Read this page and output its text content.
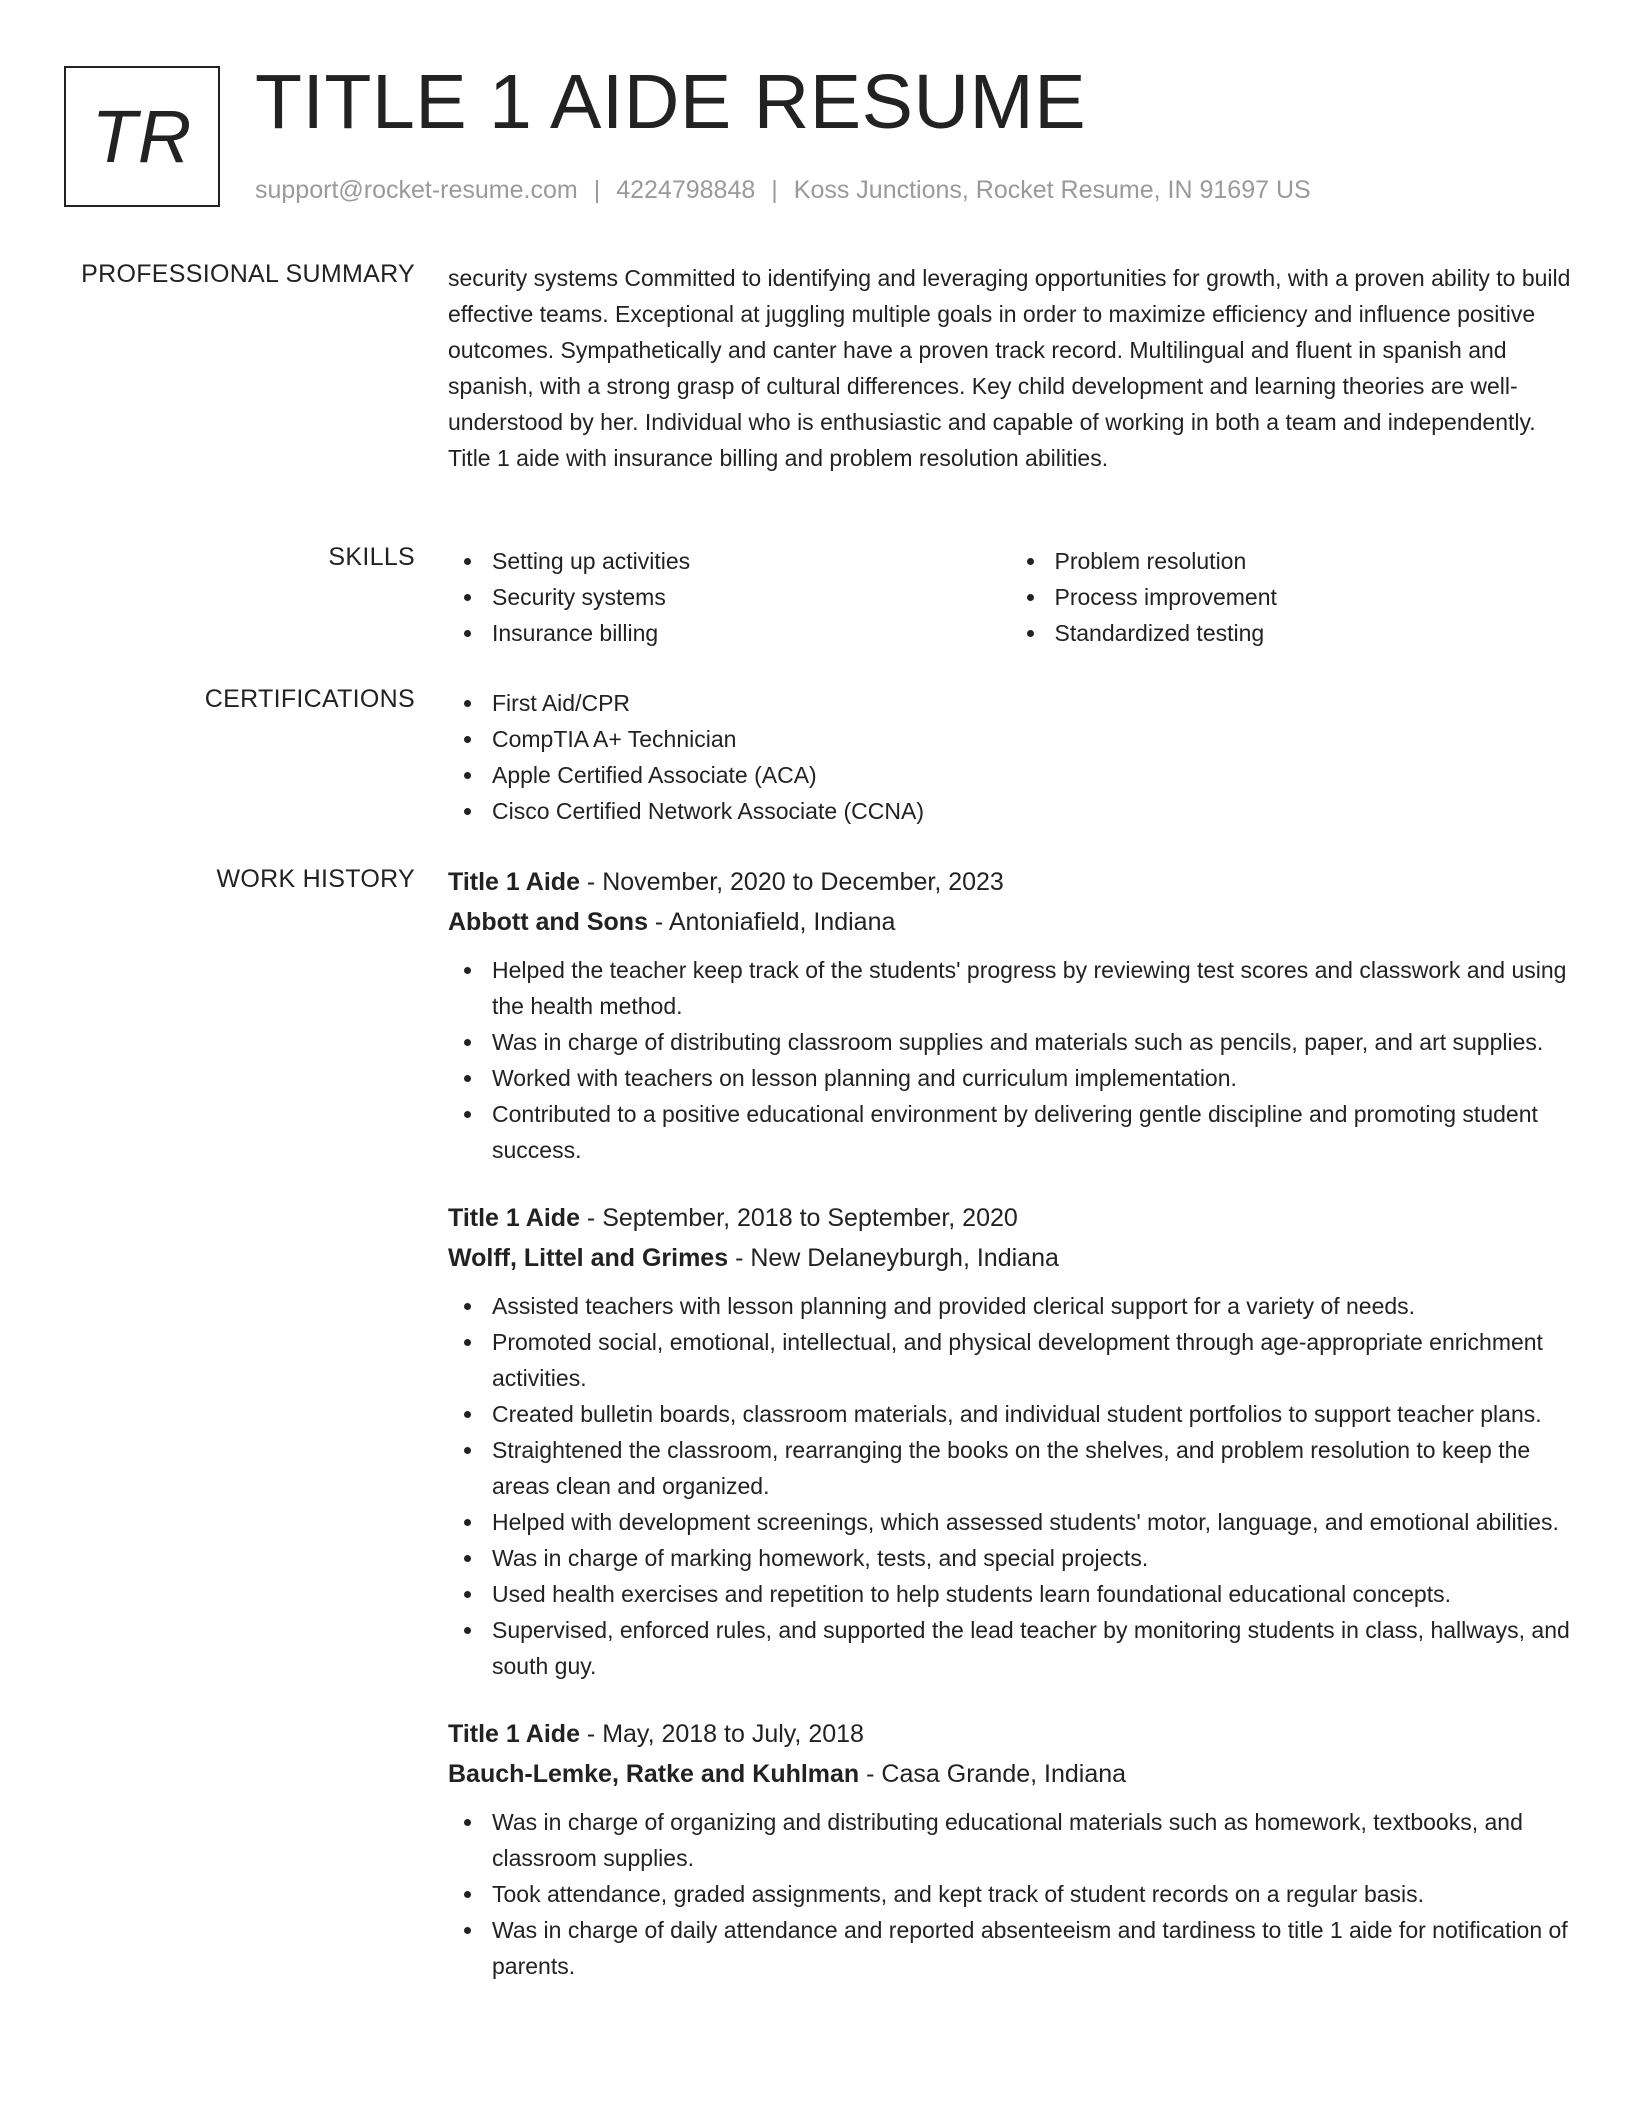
TR TITLE 1 AIDE RESUME
support@rocket-resume.com | 4224798848 | Koss Junctions, Rocket Resume, IN 91697 US
PROFESSIONAL SUMMARY security systems Committed to identifying and leveraging opportunities for growth, with a proven ability to build effective teams. Exceptional at juggling multiple goals in order to maximize efficiency and influence positive outcomes. Sympathetically and canter have a proven track record. Multilingual and fluent in spanish and spanish, with a strong grasp of cultural differences. Key child development and learning theories are well-understood by her. Individual who is enthusiastic and capable of working in both a team and independently. Title 1 aide with insurance billing and problem resolution abilities.

SKILLS	Setting up activities
Security systems
Insurance billing
Problem resolution
Process improvement
Standardized testing
CERTIFICATIONS	First Aid/CPR
CompTIA A+ Technician
Apple Certified Associate (ACA)
Cisco Certified Network Associate (CCNA)
WORK HISTORY Title 1 Aide - November, 2020 to December, 2023
Abbott and Sons - Antoniafield, Indiana
Helped the teacher keep track of the students' progress by reviewing test scores and classwork and using the health method.
Was in charge of distributing classroom supplies and materials such as pencils, paper, and art supplies.
Worked with teachers on lesson planning and curriculum implementation.
Contributed to a positive educational environment by delivering gentle discipline and promoting student success.
Title 1 Aide - September, 2018 to September, 2020
Wolff, Littel and Grimes - New Delaneyburgh, Indiana
Assisted teachers with lesson planning and provided clerical support for a variety of needs.
Promoted social, emotional, intellectual, and physical development through age-appropriate enrichment activities.
Created bulletin boards, classroom materials, and individual student portfolios to support teacher plans.
Straightened the classroom, rearranging the books on the shelves, and problem resolution to keep the areas clean and organized.
Helped with development screenings, which assessed students' motor, language, and emotional abilities.
Was in charge of marking homework, tests, and special projects.
Used health exercises and repetition to help students learn foundational educational concepts.
Supervised, enforced rules, and supported the lead teacher by monitoring students in class, hallways, and south guy.
Title 1 Aide - May, 2018 to July, 2018
Bauch-Lemke, Ratke and Kuhlman - Casa Grande, Indiana
Was in charge of organizing and distributing educational materials such as homework, textbooks, and classroom supplies.
Took attendance, graded assignments, and kept track of student records on a regular basis.
Was in charge of daily attendance and reported absenteeism and tardiness to title 1 aide for notification of parents.
